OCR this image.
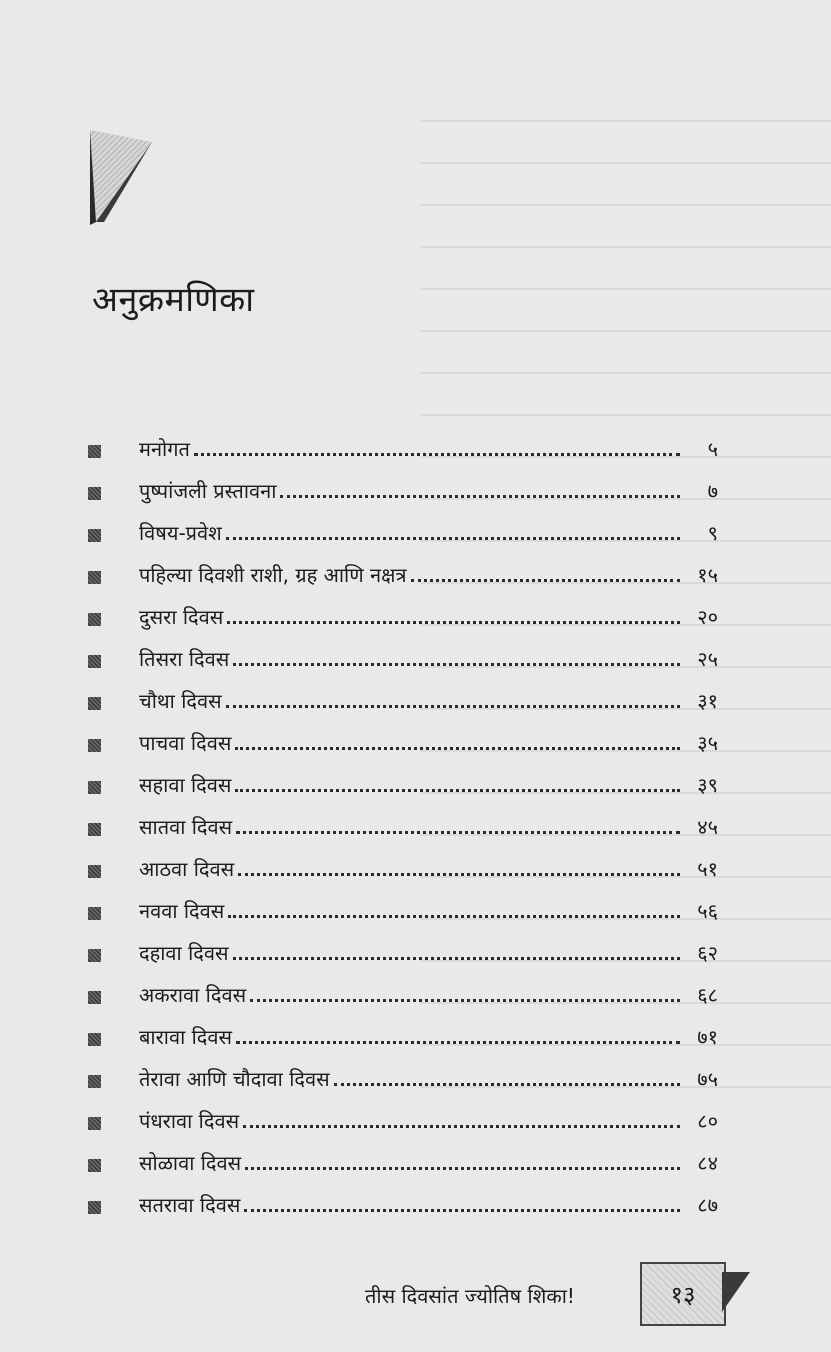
अनुक्रमणिका
मनोगत	५
पुष्पांजली प्रस्तावना	७
विषय-प्रवेश	९
पहिल्या दिवशी राशी, ग्रह आणि नक्षत्र	१५
दुसरा दिवस	२०
तिसरा दिवस	२५
चौथा दिवस	३१
पाचवा दिवस	३५
सहावा दिवस	३९
सातवा दिवस	४५
आठवा दिवस	५१
नववा दिवस	५६
दहावा दिवस	६२
अकरावा दिवस	६८
बारावा दिवस	७१
तेरावा आणि चौदावा दिवस	७५
पंधरावा दिवस	८०
सोळावा दिवस	८४
सतरावा दिवस	८७
तीस दिवसांत ज्योतिष शिका!	१३
